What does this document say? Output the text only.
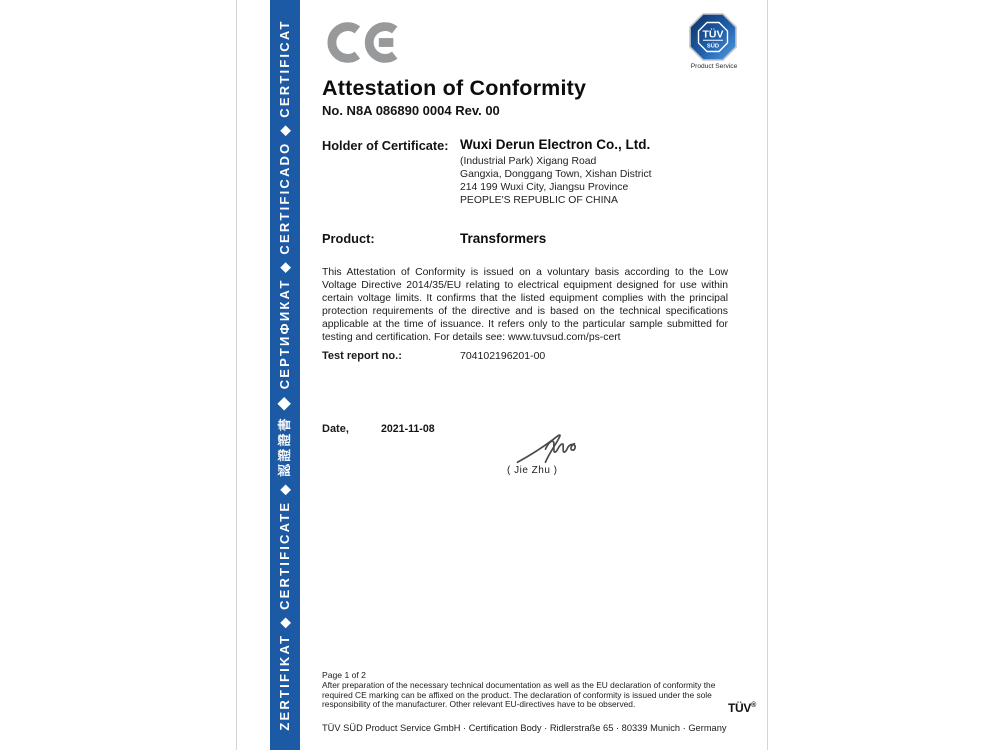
ZERTIFIKAT ◆ CERTIFICATE ◆ 認證證書 ◆ СЕРТИФИКАТ ◆ CERTIFICADO ◆ CERTIFICAT	TÜV
SÜD
Product Service
Attestation of Conformity
No. N8A 086890 0004 Rev. 00
Holder of Certificate: Wuxi Derun Electron Co., Ltd.
(Industrial Park) Xigang Road
Gangxia, Donggang Town, Xishan District
214 199 Wuxi City, Jiangsu Province
PEOPLE'S REPUBLIC OF CHINA
Product:	Transformers
This Attestation of Conformity is issued on a voluntary basis according to the Low Voltage Directive 2014/35/EU relating to electrical equipment designed for use within certain voltage limits. It confirms that the listed equipment complies with the principal protection requirements of the directive and is based on the technical specifications applicable at the time of issuance. It refers only to the particular sample submitted for testing and certification. For details see: www.tuvsud.com/ps-cert
Test report no.:	704102196201-00
Date,	2021-11-08
( Jie Zhu )
Page 1 of 2
After preparation of the necessary technical documentation as well as the EU declaration of conformity the
required CE marking can be affixed on the product. The declaration of conformity is issued under the sole
responsibility of the manufacturer. Other relevant EU-directives have to be observed.
TÜV SÜD Product Service GmbH · Certification Body · Ridlerstraße 65 · 80339 Munich · Germany
TÜV®
